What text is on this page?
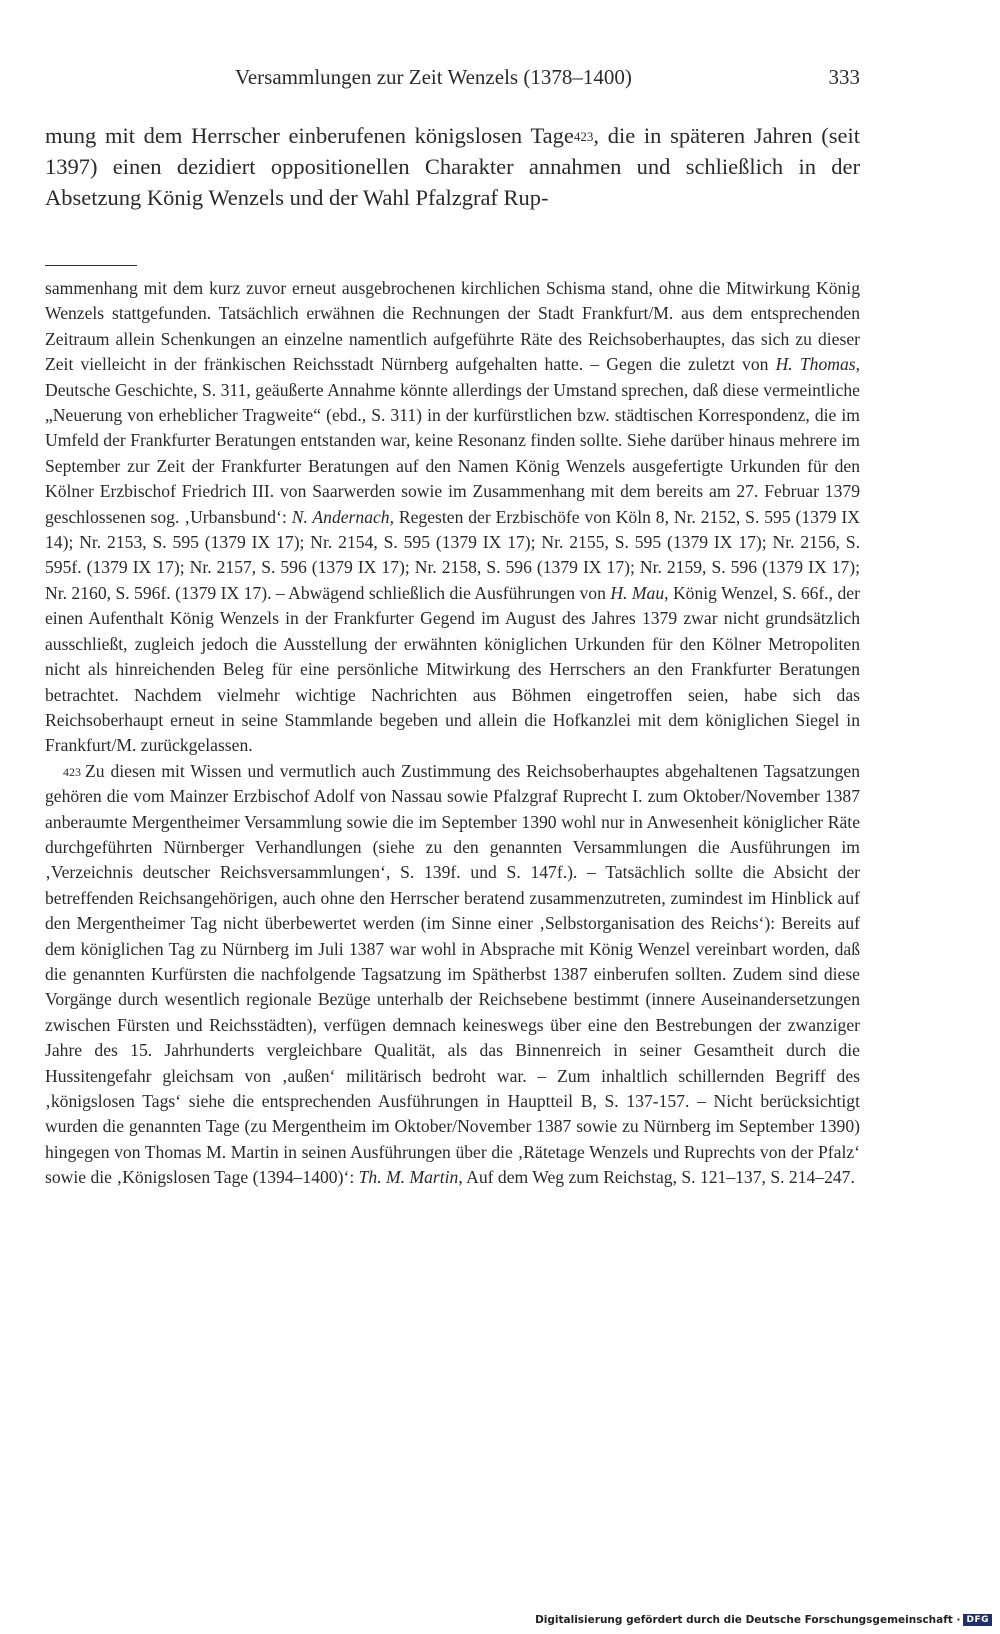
Versammlungen zur Zeit Wenzels (1378–1400)	333

mung mit dem Herrscher einberufenen königslosen Tage$^{423}$, die in späteren Jahren (seit 1397) einen dezidiert oppositionellen Charakter annahmen und schließlich in der Absetzung König Wenzels und der Wahl Pfalzgraf Rup-

sammenhang mit dem kurz zuvor erneut ausgebrochenen kirchlichen Schisma stand, ohne die Mitwirkung König Wenzels stattgefunden. Tatsächlich erwähnen die Rechnungen der Stadt Frankfurt/M. aus dem entsprechenden Zeitraum allein Schenkungen an einzelne namentlich aufgeführte Räte des Reichsoberhauptes, das sich zu dieser Zeit vielleicht in der fränkischen Reichsstadt Nürnberg aufgehalten hatte. – Gegen die zuletzt von H. Thomas, Deutsche Geschichte, S. 311, geäußerte Annahme könnte allerdings der Umstand sprechen, daß diese vermeintliche „Neuerung von erheblicher Tragweite“ (ebd., S. 311) in der kurfürstlichen bzw. städtischen Korrespondenz, die im Umfeld der Frankfurter Beratungen entstanden war, keine Resonanz finden sollte. Siehe darüber hinaus mehrere im September zur Zeit der Frankfurter Beratungen auf den Namen König Wenzels ausgefertigte Urkunden für den Kölner Erzbischof Friedrich III. von Saarwerden sowie im Zusammenhang mit dem bereits am 27. Februar 1379 geschlossenen sog. ‚Urbansbund‘: N. Andernach, Regesten der Erzbischöfe von Köln 8, Nr. 2152, S. 595 (1379 IX 14); Nr. 2153, S. 595 (1379 IX 17); Nr. 2154, S. 595 (1379 IX 17); Nr. 2155, S. 595 (1379 IX 17); Nr. 2156, S. 595f. (1379 IX 17); Nr. 2157, S. 596 (1379 IX 17); Nr. 2158, S. 596 (1379 IX 17); Nr. 2159, S. 596 (1379 IX 17); Nr. 2160, S. 596f. (1379 IX 17). – Abwägend schließlich die Ausführungen von H. Mau, König Wenzel, S. 66f., der einen Aufenthalt König Wenzels in der Frankfurter Gegend im August des Jahres 1379 zwar nicht grundsätzlich ausschließt, zugleich jedoch die Ausstellung der erwähnten königlichen Urkunden für den Kölner Metropoliten nicht als hinreichenden Beleg für eine persönliche Mitwirkung des Herrschers an den Frankfurter Beratungen betrachtet. Nachdem vielmehr wichtige Nachrichten aus Böhmen eingetroffen seien, habe sich das Reichsoberhaupt erneut in seine Stammlande begeben und allein die Hofkanzlei mit dem königlichen Siegel in Frankfurt/M. zurückgelassen.

$^{423}$ Zu diesen mit Wissen und vermutlich auch Zustimmung des Reichsoberhauptes abgehaltenen Tagsatzungen gehören die vom Mainzer Erzbischof Adolf von Nassau sowie Pfalzgraf Ruprecht I. zum Oktober/November 1387 anberaumte Mergentheimer Versammlung sowie die im September 1390 wohl nur in Anwesenheit königlicher Räte durchgeführten Nürnberger Verhandlungen (siehe zu den genannten Versammlungen die Ausführungen im ‚Verzeichnis deutscher Reichsversammlungen‘, S. 139f. und S. 147f.). – Tatsächlich sollte die Absicht der betreffenden Reichsangehörigen, auch ohne den Herrscher beratend zusammenzutreten, zumindest im Hinblick auf den Mergentheimer Tag nicht überbewertet werden (im Sinne einer ‚Selbstorganisation des Reichs‘): Bereits auf dem königlichen Tag zu Nürnberg im Juli 1387 war wohl in Absprache mit König Wenzel vereinbart worden, daß die genannten Kurfürsten die nachfolgende Tagsatzung im Spätherbst 1387 einberufen sollten. Zudem sind diese Vorgänge durch wesentlich regionale Bezüge unterhalb der Reichsebene bestimmt (innere Auseinandersetzungen zwischen Fürsten und Reichsstädten), verfügen demnach keineswegs über eine den Bestrebungen der zwanziger Jahre des 15. Jahrhunderts vergleichbare Qualität, als das Binnenreich in seiner Gesamtheit durch die Hussitengefahr gleichsam von ‚außen‘ militärisch bedroht war. – Zum inhaltlich schillernden Begriff des ‚königslosen Tags‘ siehe die entsprechenden Ausführungen in Hauptteil B, S. 137-157. – Nicht berücksichtigt wurden die genannten Tage (zu Mergentheim im Oktober/November 1387 sowie zu Nürnberg im September 1390) hingegen von Thomas M. Martin in seinen Ausführungen über die ‚Rätetage Wenzels und Ruprechts von der Pfalz‘ sowie die ‚Königslosen Tage (1394–1400)‘: Th. M. Martin, Auf dem Weg zum Reichstag, S. 121–137, S. 214–247.

Digitalisierung gefördert durch die Deutsche Forschungsgemeinschaft · DFG
